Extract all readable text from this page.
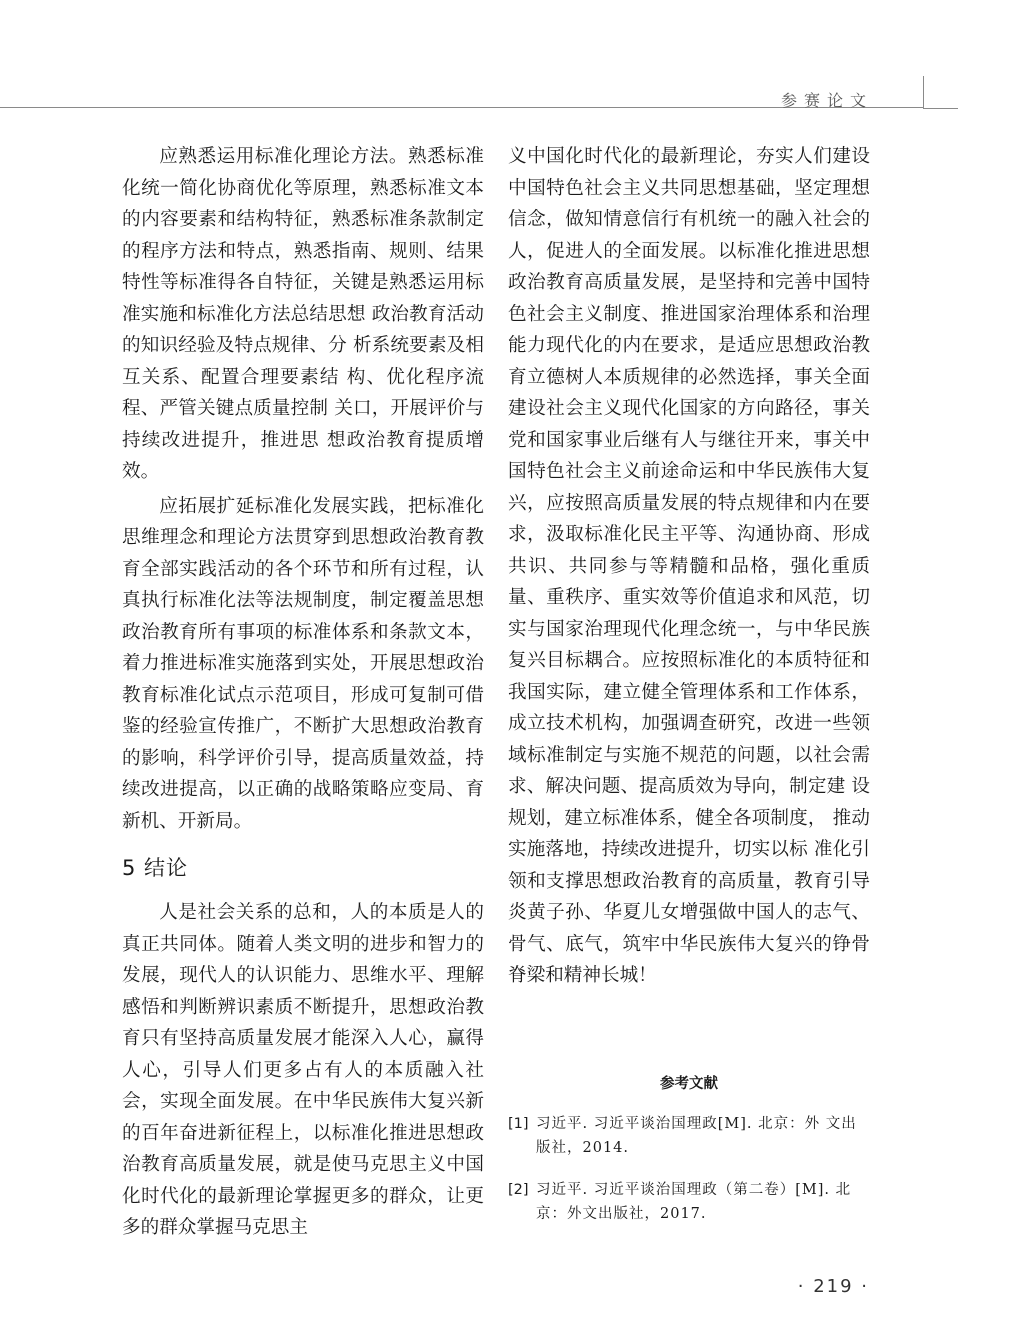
参赛论文

应熟悉运用标准化理论方法。熟悉标准化统一简化协商优化等原理，熟悉标准文本的内容要素和结构特征，熟悉标准条款制定的程序方法和特点，熟悉指南、规则、结果特性等标准得各自特征，关键是熟悉运用标准实施和标准化方法总结思想 政治教育活动的知识经验及特点规律、分 析系统要素及相互关系、配置合理要素结 构、优化程序流程、严管关键点质量控制 关口，开展评价与持续改进提升，推进思 想政治教育提质增效。

应拓展扩延标准化发展实践，把标准化思维理念和理论方法贯穿到思想政治教育教育全部实践活动的各个环节和所有过程，认真执行标准化法等法规制度，制定覆盖思想政治教育所有事项的标准体系和条款文本，着力推进标准实施落到实处，开展思想政治教育标准化试点示范项目，形成可复制可借鉴的经验宣传推广，不断扩大思想政治教育的影响，科学评价引导，提高质量效益，持续改进提高，以正确的战略策略应变局、育新机、开新局。

5 结论

人是社会关系的总和，人的本质是人的真正共同体。随着人类文明的进步和智力的发展，现代人的认识能力、思维水平、理解感悟和判断辨识素质不断提升，思想政治教育只有坚持高质量发展才能深入人心，赢得人心，引导人们更多占有人的本质融入社会，实现全面发展。在中华民族伟大复兴新的百年奋进新征程上，以标准化推进思想政治教育高质量发展，就是使马克思主义中国化时代化的最新理论掌握更多的群众，让更多的群众掌握马克思主

义中国化时代化的最新理论，夯实人们建设中国特色社会主义共同思想基础，坚定理想信念，做知情意信行有机统一的融入社会的人，促进人的全面发展。以标准化推进思想政治教育高质量发展，是坚持和完善中国特色社会主义制度、推进国家治理体系和治理能力现代化的内在要求，是适应思想政治教育立德树人本质规律的必然选择，事关全面建设社会主义现代化国家的方向路径，事关党和国家事业后继有人与继往开来，事关中国特色社会主义前途命运和中华民族伟大复兴，应按照高质量发展的特点规律和内在要求，汲取标准化民主平等、沟通协商、形成共识、共同参与等精髓和品格，强化重质量、重秩序、重实效等价值追求和风范，切实与国家治理现代化理念统一，与中华民族复兴目标耦合。应按照标准化的本质特征和我国实际，建立健全管理体系和工作体系，成立技术机构，加强调查研究，改进一些领域标准制定与实施不规范的问题，以社会需求、解决问题、提高质效为导向，制定建 设规划，建立标准体系，健全各项制度， 推动实施落地，持续改进提升，切实以标 准化引领和支撑思想政治教育的高质量，教育引导炎黄子孙、华夏儿女增强做中国人的志气、骨气、底气，筑牢中华民族伟大复兴的铮骨脊梁和精神长城！

参考文献
[1] 习近平. 习近平谈治国理政[M]. 北京：外 文出版社，2014.
[2] 习近平. 习近平谈治国理政（第二卷）[M]. 北京：外文出版社，2017.
· 219 ·
